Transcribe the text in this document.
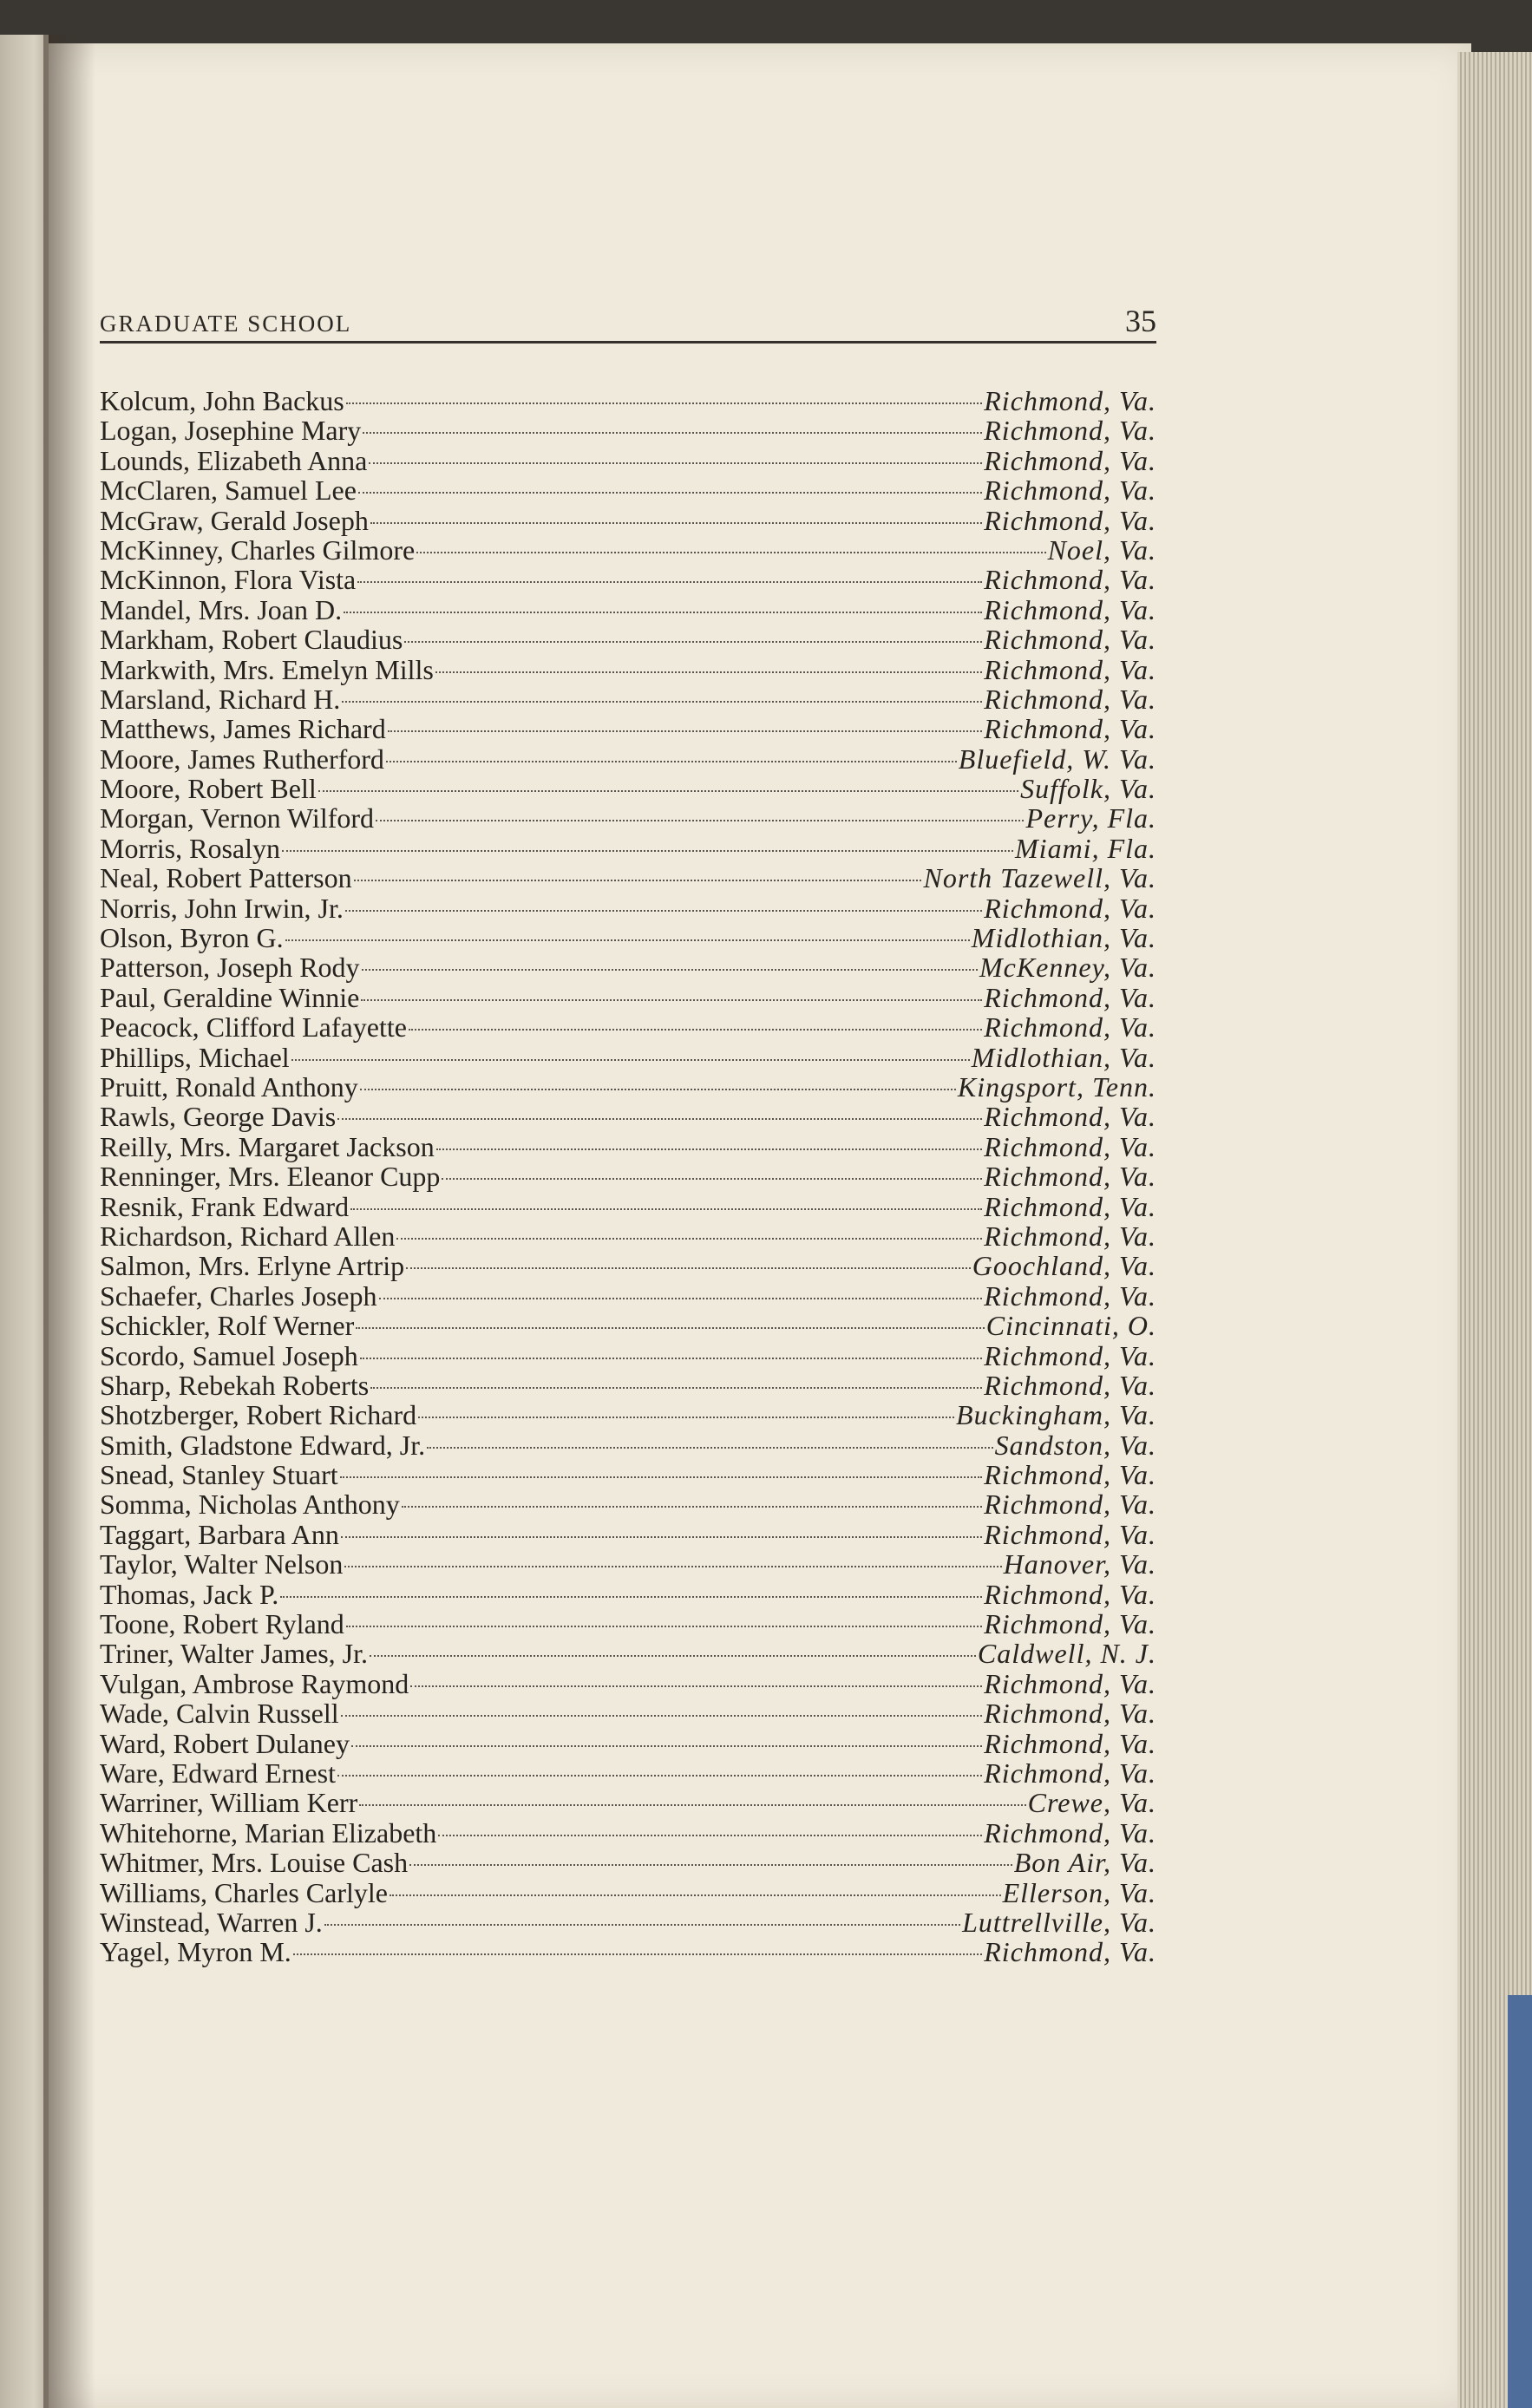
GRADUATE SCHOOL	35
Kolcum, John Backus	Richmond, Va.
Logan, Josephine Mary	Richmond, Va.
Lounds, Elizabeth Anna	Richmond, Va.
McClaren, Samuel Lee	Richmond, Va.
McGraw, Gerald Joseph	Richmond, Va.
McKinney, Charles Gilmore	Noel, Va.
McKinnon, Flora Vista	Richmond, Va.
Mandel, Mrs. Joan D.	Richmond, Va.
Markham, Robert Claudius	Richmond, Va.
Markwith, Mrs. Emelyn Mills	Richmond, Va.
Marsland, Richard H.	Richmond, Va.
Matthews, James Richard	Richmond, Va.
Moore, James Rutherford	Bluefield, W. Va.
Moore, Robert Bell	Suffolk, Va.
Morgan, Vernon Wilford	Perry, Fla.
Morris, Rosalyn	Miami, Fla.
Neal, Robert Patterson	North Tazewell, Va.
Norris, John Irwin, Jr.	Richmond, Va.
Olson, Byron G.	Midlothian, Va.
Patterson, Joseph Rody	McKenney, Va.
Paul, Geraldine Winnie	Richmond, Va.
Peacock, Clifford Lafayette	Richmond, Va.
Phillips, Michael	Midlothian, Va.
Pruitt, Ronald Anthony	Kingsport, Tenn.
Rawls, George Davis	Richmond, Va.
Reilly, Mrs. Margaret Jackson	Richmond, Va.
Renninger, Mrs. Eleanor Cupp	Richmond, Va.
Resnik, Frank Edward	Richmond, Va.
Richardson, Richard Allen	Richmond, Va.
Salmon, Mrs. Erlyne Artrip	Goochland, Va.
Schaefer, Charles Joseph	Richmond, Va.
Schickler, Rolf Werner	Cincinnati, O.
Scordo, Samuel Joseph	Richmond, Va.
Sharp, Rebekah Roberts	Richmond, Va.
Shotzberger, Robert Richard	Buckingham, Va.
Smith, Gladstone Edward, Jr.	Sandston, Va.
Snead, Stanley Stuart	Richmond, Va.
Somma, Nicholas Anthony	Richmond, Va.
Taggart, Barbara Ann	Richmond, Va.
Taylor, Walter Nelson	Hanover, Va.
Thomas, Jack P.	Richmond, Va.
Toone, Robert Ryland	Richmond, Va.
Triner, Walter James, Jr.	Caldwell, N. J.
Vulgan, Ambrose Raymond	Richmond, Va.
Wade, Calvin Russell	Richmond, Va.
Ward, Robert Dulaney	Richmond, Va.
Ware, Edward Ernest	Richmond, Va.
Warriner, William Kerr	Crewe, Va.
Whitehorne, Marian Elizabeth	Richmond, Va.
Whitmer, Mrs. Louise Cash	Bon Air, Va.
Williams, Charles Carlyle	Ellerson, Va.
Winstead, Warren J.	Luttrellville, Va.
Yagel, Myron M.	Richmond, Va.
